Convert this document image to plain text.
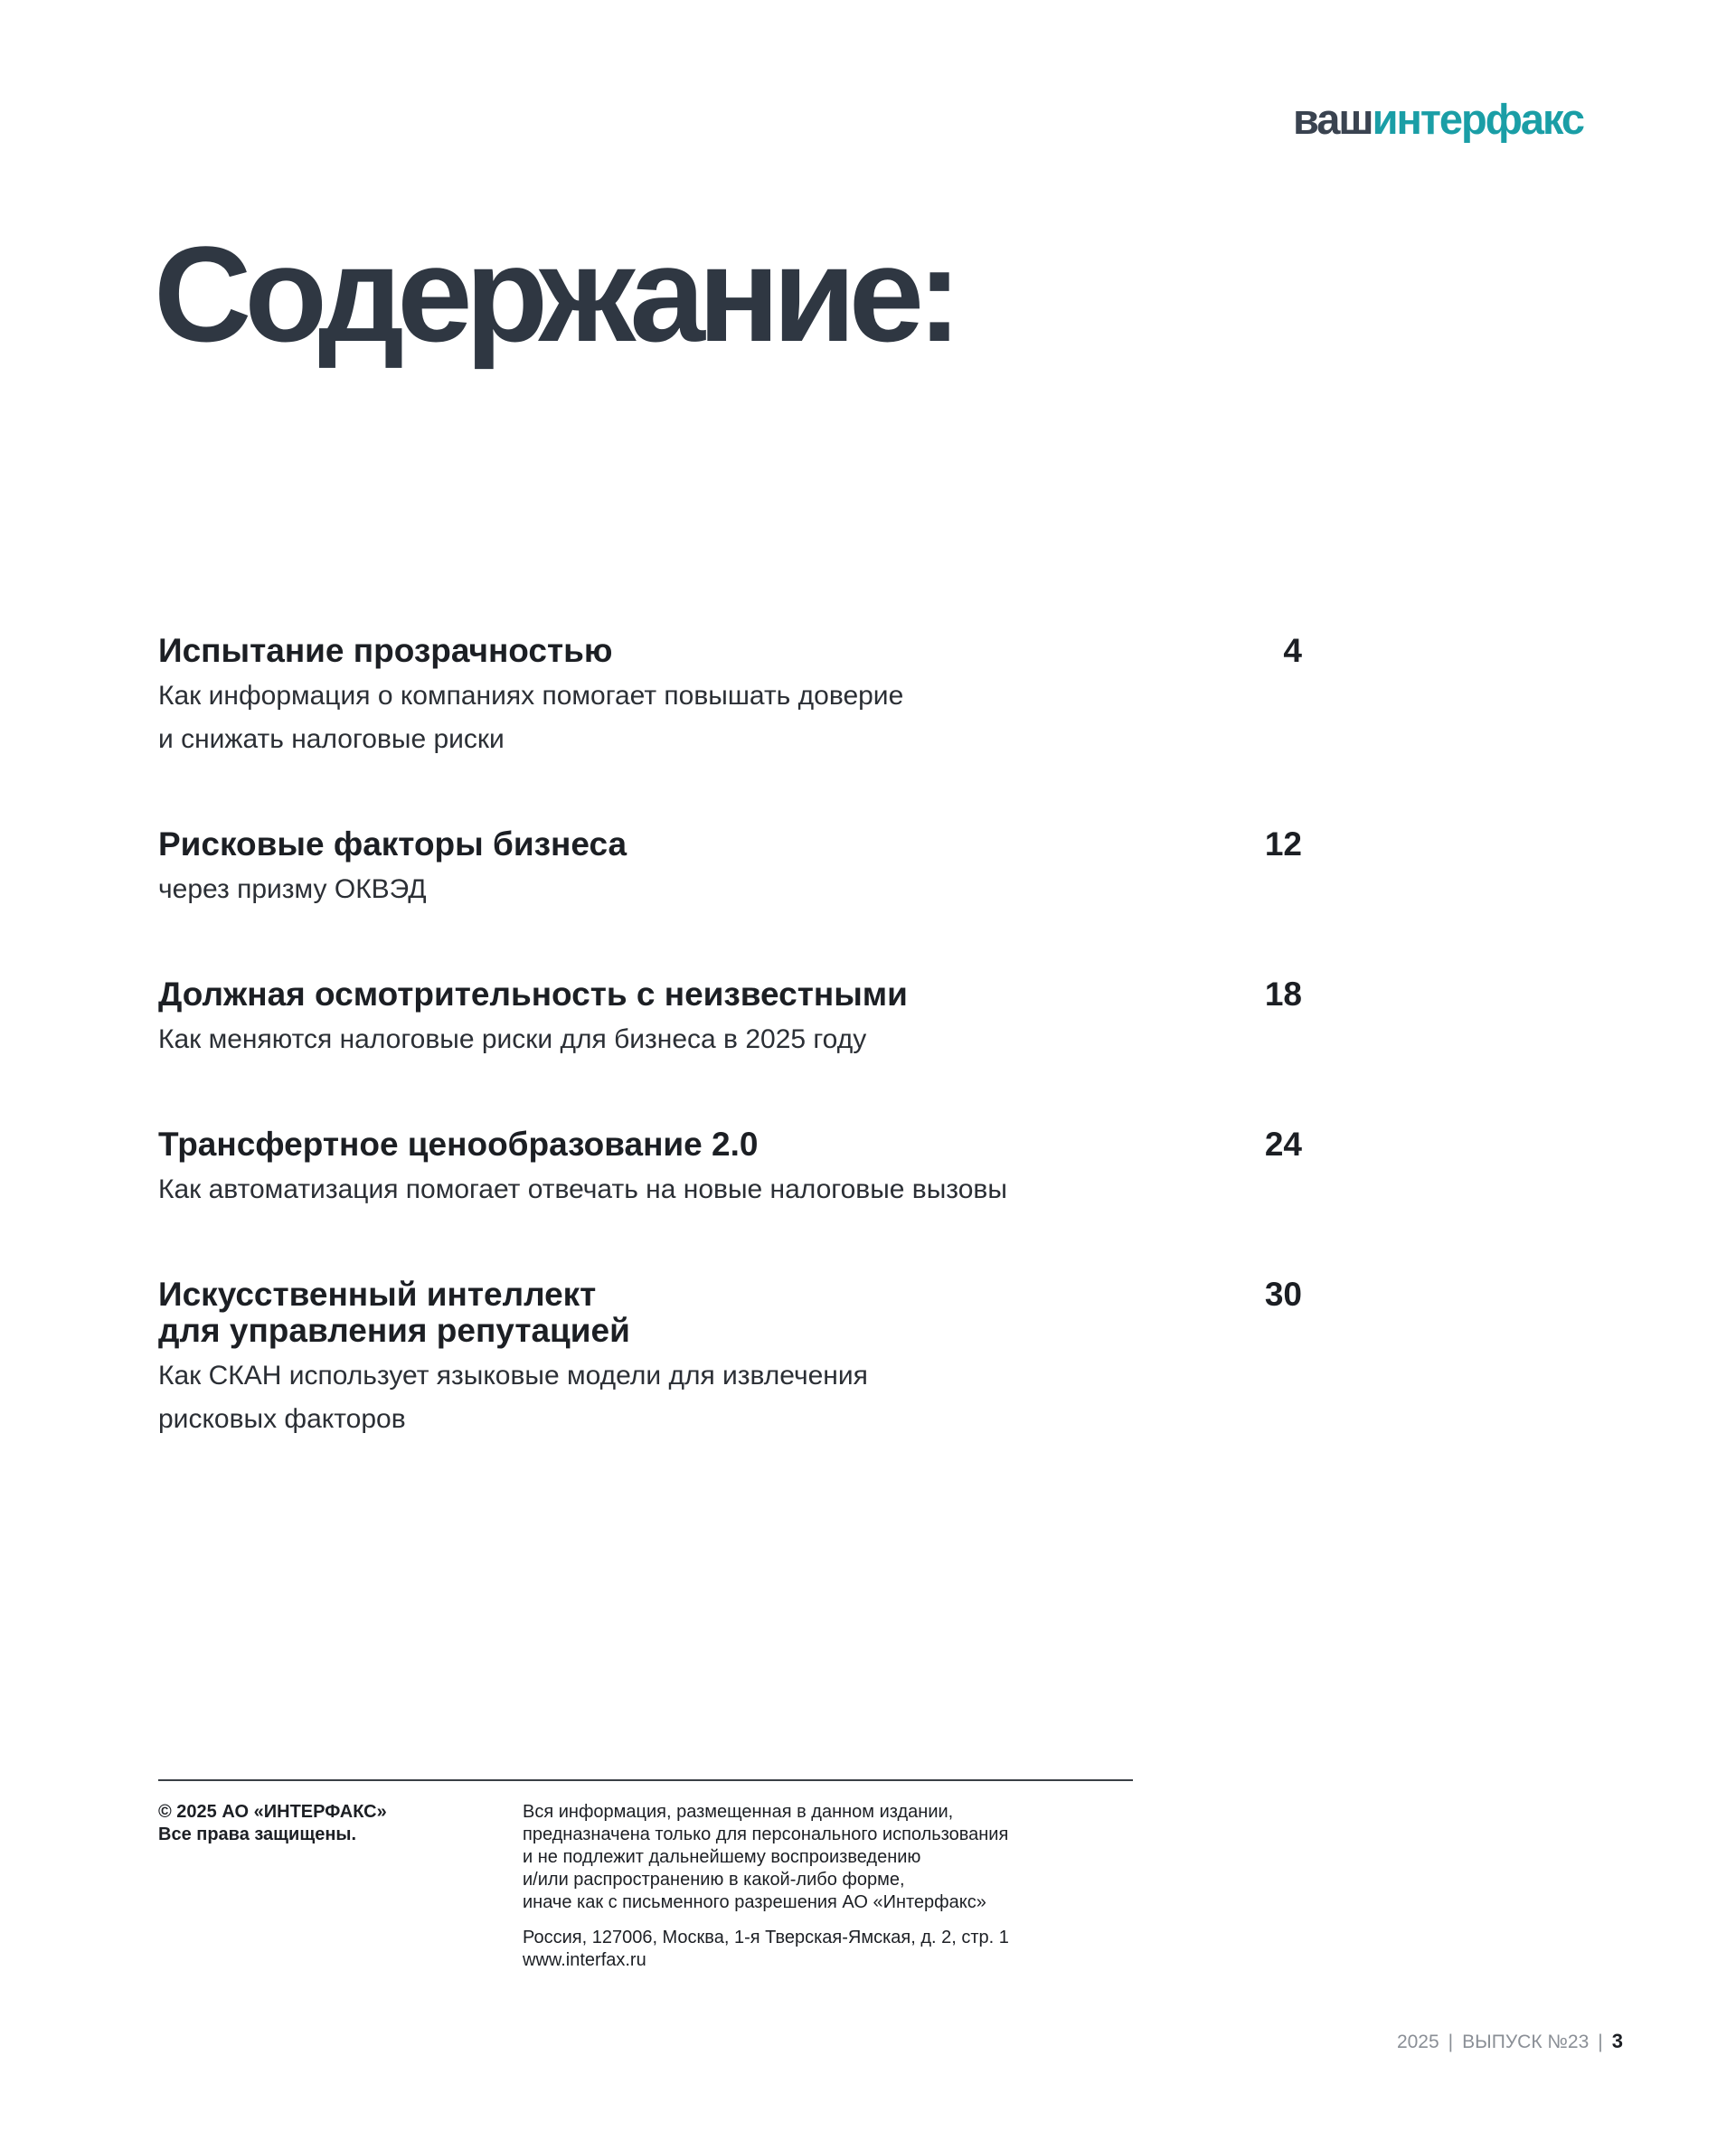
вашинтерфакс
Содержание:
Испытание прозрачностью
Как информация о компаниях помогает повышать доверие
и снижать налоговые риски
4
Рисковые факторы бизнеса
через призму ОКВЭД
12
Должная осмотрительность с неизвестными
Как меняются налоговые риски для бизнеса в 2025 году
18
Трансфертное ценообразование 2.0
Как автоматизация помогает отвечать на новые налоговые вызовы
24
Искусственный интеллект
для управления репутацией
Как СКАН использует языковые модели для извлечения
рисковых факторов
30
© 2025 АО «ИНТЕРФАКС»
Все права защищены.
Вся информация, размещенная в данном издании,
предназначена только для персонального использования
и не подлежит дальнейшему воспроизведению
и/или распространению в какой-либо форме,
иначе как с письменного разрешения АО «Интерфакс»
Россия, 127006, Москва, 1-я Тверская-Ямская, д. 2, стр. 1
www.interfax.ru
2025 | ВЫПУСК №23 | 3
